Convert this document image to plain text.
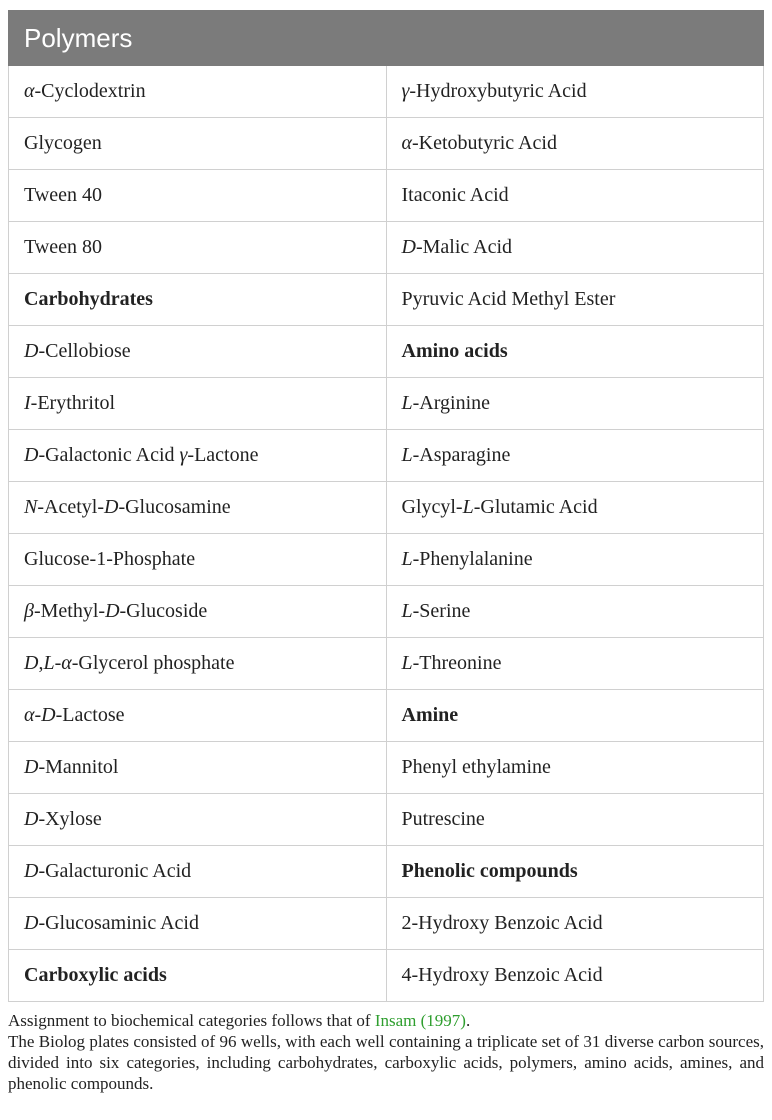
Polymers	
α-Cyclodextrin	γ-Hydroxybutyric Acid
Glycogen	α-Ketobutyric Acid
Tween 40	Itaconic Acid
Tween 80	D-Malic Acid
Carbohydrates	Pyruvic Acid Methyl Ester
D-Cellobiose	Amino acids
I-Erythritol	L-Arginine
D-Galactonic Acid γ-Lactone	L-Asparagine
N-Acetyl-D-Glucosamine	Glycyl-L-Glutamic Acid
Glucose-1-Phosphate	L-Phenylalanine
β-Methyl-D-Glucoside	L-Serine
D,L-α-Glycerol phosphate	L-Threonine
α-D-Lactose	Amine
D-Mannitol	Phenyl ethylamine
D-Xylose	Putrescine
D-Galacturonic Acid	Phenolic compounds
D-Glucosaminic Acid	2-Hydroxy Benzoic Acid
Carboxylic acids	4-Hydroxy Benzoic Acid

Assignment to biochemical categories follows that of Insam (1997).

The Biolog plates consisted of 96 wells, with each well containing a triplicate set of 31 diverse carbon sources, divided into six categories, including carbohydrates, carboxylic acids, polymers, amino acids, amines, and phenolic compounds.
